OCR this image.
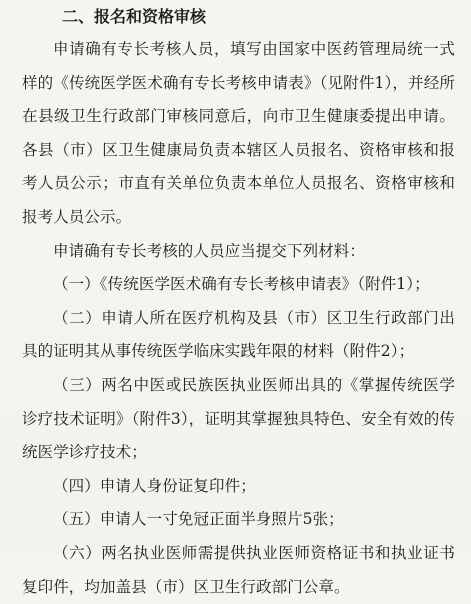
二、报名和资格审核

申请确有专长考核人员，填写由国家中医药管理局统一式样的《传统医学医术确有专长考核申请表》（见附件1），并经所在县级卫生行政部门审核同意后，向市卫生健康委提出申请。各县（市）区卫生健康局负责本辖区人员报名、资格审核和报考人员公示；市直有关单位负责本单位人员报名、资格审核和报考人员公示。

申请确有专长考核的人员应当提交下列材料：

（一）《传统医学医术确有专长考核申请表》（附件1）；

（二）申请人所在医疗机构及县（市）区卫生行政部门出具的证明其从事传统医学临床实践年限的材料（附件2）；

（三）两名中医或民族医执业医师出具的《掌握传统医学诊疗技术证明》（附件3），证明其掌握独具特色、安全有效的传统医学诊疗技术；

（四）申请人身份证复印件；

（五）申请人一寸免冠正面半身照片5张；

（六）两名执业医师需提供执业医师资格证书和执业证书复印件，均加盖县（市）区卫生行政部门公章。
